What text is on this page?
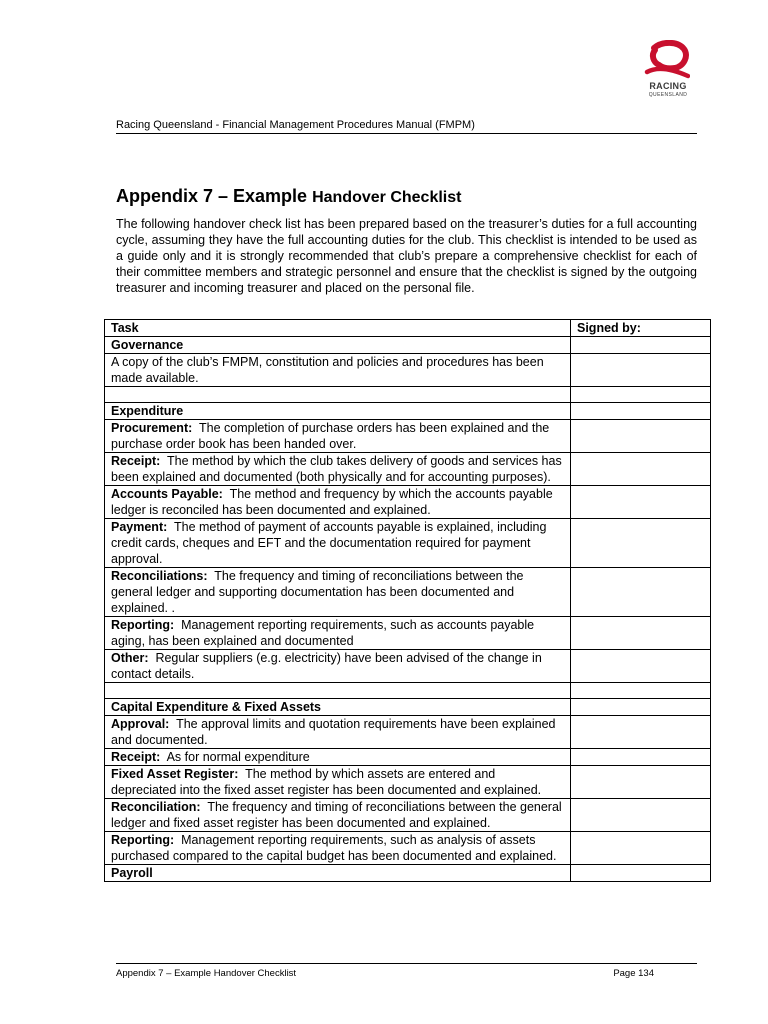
RACING
QUEENSLAND
Racing Queensland - Financial Management Procedures Manual (FMPM)
Appendix 7 – Example Handover Checklist

The following handover check list has been prepared based on the treasurer’s duties for a full accounting cycle, assuming they have the full accounting duties for the club. This checklist is intended to be used as a guide only and it is strongly recommended that club’s prepare a comprehensive checklist for each of their committee members and strategic personnel and ensure that the checklist is signed by the outgoing treasurer and incoming treasurer and placed on the personal file.

Task	Signed by:
Governance	
A copy of the club’s FMPM, constitution and policies and procedures has been made available.	

Expenditure	
Procurement:  The completion of purchase orders has been explained and the purchase order book has been handed over.	
Receipt:  The method by which the club takes delivery of goods and services has been explained and documented (both physically and for accounting purposes).	
Accounts Payable:  The method and frequency by which the accounts payable ledger is reconciled has been documented and explained.	
Payment:  The method of payment of accounts payable is explained, including credit cards, cheques and EFT and the documentation required for payment approval.	
Reconciliations:  The frequency and timing of reconciliations between the general ledger and supporting documentation has been documented and explained. .	
Reporting:  Management reporting requirements, such as accounts payable aging, has been explained and documented	
Other:  Regular suppliers (e.g. electricity) have been advised of the change in contact details.	

Capital Expenditure & Fixed Assets	
Approval:  The approval limits and quotation requirements have been explained and documented.	
Receipt:  As for normal expenditure	
Fixed Asset Register:  The method by which assets are entered and depreciated into the fixed asset register has been documented and explained.	
Reconciliation:  The frequency and timing of reconciliations between the general ledger and fixed asset register has been documented and explained.	
Reporting:  Management reporting requirements, such as analysis of assets purchased compared to the capital budget has been documented and explained.	
Payroll	
Appendix 7 – Example Handover Checklist	Page 134
